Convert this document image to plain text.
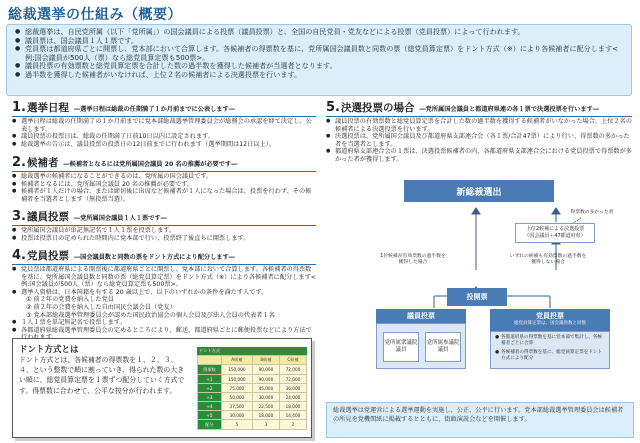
総裁選挙の仕組み（概要）
● 総裁選挙は、自民党所属（以下「党所属」）の国会議員による投票（議員投票）と、全国の自民党員・党友などによる投票（党員投票）によって行われます。
● 議員票は、国会議員１人１票です。
● 党員票は都道府県ごとに開票し、党本部において合算します。各候補者の得票数を基に、党所属国会議員数と同数の票（総党員算定票）をドント方式（※）により各候補者に配分します<例:国会議員が500人（票）なら総党員算定票も500票>。
● 議員投票の有効票数と総党員算定票を合計した数の過半数を獲得した候補者が当選者となります。
● 過半数を獲得した候補者がいなければ、上位２名の候補者による決選投票を行います。
1. 選挙日程 ―選挙日程は総裁の任期満了１か月前までに公表します―
● 選挙日程は総裁の任期満了の１か月前までに党本部総裁選挙管理委員会が総務会の承認を経て決定し、公表します。
● 議員投票の投票日は、総裁の任期満了日前10日以内に設定されます。
● 総裁選挙の告示は、議員投票の投票日の12日前までに行われます（選挙期間は12日以上）。
2. 候補者 ―候補者となるには党所属国会議員 20 名の推薦が必要です―
● 総裁選挙の候補者になることができるのは、党所属の国会議員です。
● 候補者となるには、党所属国会議員 20 名の推薦が必要です。
● 候補者が１人だけの場合、または締切後に出席など候補者が１人になった場合は、投票を行わず、その候補者を当選者とします（無投票当選）。
3. 議員投票 ―党所属国会議員１人１票です―
● 党所属国会議員が単記無記名で１人１票を投票します。
● 投票は投票日の定められた時間内に党本部で行い、投票終了後直ちに開票します。
4. 党員投票 ―国会議員数と同数の票をドント方式により配分します―
● 党員票は都道府県による開票後に都道府県ごとに開票し、党本部において合算します。各候補者の得票数を基に、党所属国会議員数と同数の票（総党員算定票）をドント方式（※）により各候補者に配分します<例:国会議員が500人（票）なら総党員算定票も500票>。
● 選挙人資格は、日本国籍を有する 20 歳以上で、以下のいずれかの条件を満たす人です。
① 前２年の党費を納入した党員
② 前２年の会費を納入した自由国民会議会員（党友）
③ 党本部総裁選挙管理委員会が認めた国民政治協会の個人会員及び法人会員の代表者１名
● １人１票を単記無記名で投票します。
● 各都道府県総裁選挙管理委員会の定めるところにより、郵送、都道府県ごとに郵便投票などにより方法で
5. 決選投票の場合 ―党所属国会議員と都道府県連の各１票で決選投票を行います―
● 議員投票の有効票数と総党員算定票を合計した数の過半数を獲得する候補者がいなかった場合、上位２名の候補者による決選投票を行います。
● 決選投票は、党所属国会議員及び都道府県支部連合会（各１票/合計47票）により行い、得票数の多かった者を当選者とします。
● 都道府県支部連合会の１票は、決選投票候補者の内、各都道府県支部連合会における党員投票で得票数が多かった者が獲得します。
ドント方式とは
ドント方式とは、各候補者の得票数を１、２、３、４、という整数で順に割っていき、得られた数の大きい順に、総党員算定票を１票ずつ配分していく方式です。得票数に合わせて、公平な按分が行われます。
ドント方式
	A候補	B候補	C候補
得票数	150,000	90,000	72,000
÷1	150,000	90,000	72,000
÷2	75,000	45,000	36,000
÷3	50,000	30,000	24,000
÷4	37,500	22,500	18,000
÷5	30,000	18,000	14,400
配分	5	3	2
新総裁選出
上位2候補による決選投票
（国会議員＋47都道府県）
得票数の多かった者
1位候補が有効票数の過半数を獲得した場合
いずれの候補も有効票数の過半数を獲得しない場合
投開票
議員投票
党所属衆議院議員
党所属参議院議員
党員投票
総党員算定票は、国会議員数と同数
● 各都道府県の得票数を基に党本部で集計し、各候補者ごとに合算
● 各候補者の得票数を基に、総党員算定票をドント方式により配分
総裁選挙は党運営による選挙運動を実施し、公正、公平に行います。党本部総裁選挙管理委員会は候補者の所見を党機関紙に掲載するとともに、街頭演説会などを開催します。
